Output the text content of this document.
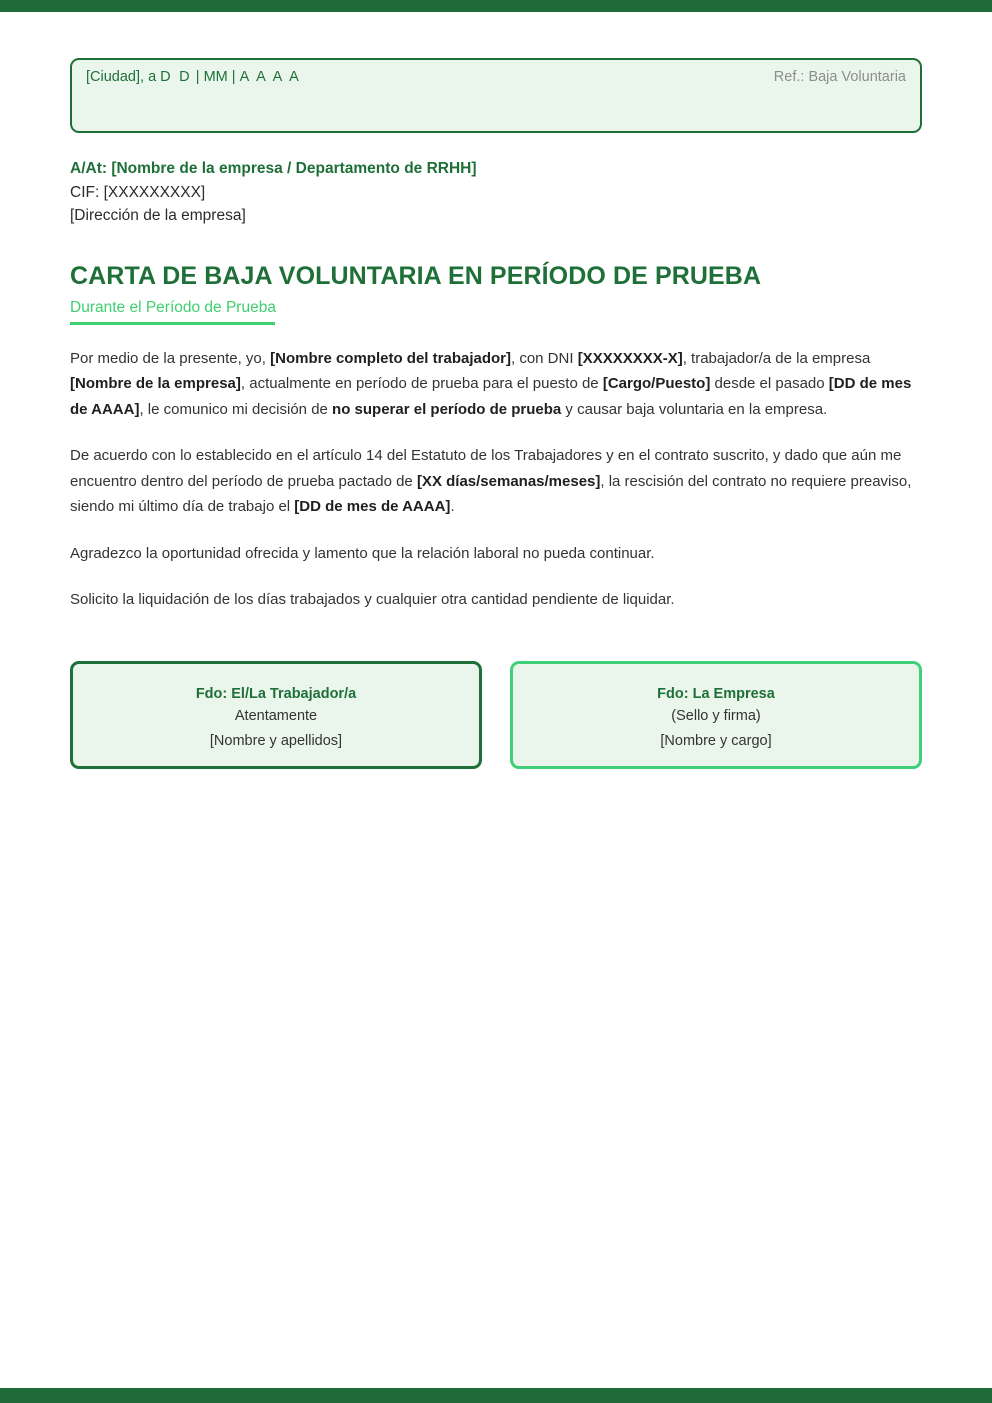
[Ciudad], a D D | MM | A A A A	Ref.: Baja Voluntaria
A/At: [Nombre de la empresa / Departamento de RRHH]
CIF: [XXXXXXXXX]
[Dirección de la empresa]
CARTA DE BAJA VOLUNTARIA EN PERÍODO DE PRUEBA
Durante el Período de Prueba
Por medio de la presente, yo, [Nombre completo del trabajador], con DNI [XXXXXXXX-X], trabajador/a de la empresa [Nombre de la empresa], actualmente en período de prueba para el puesto de [Cargo/Puesto] desde el pasado [DD de mes de AAAA], le comunico mi decisión de no superar el período de prueba y causar baja voluntaria en la empresa.
De acuerdo con lo establecido en el artículo 14 del Estatuto de los Trabajadores y en el contrato suscrito, y dado que aún me encuentro dentro del período de prueba pactado de [XX días/semanas/meses], la rescisión del contrato no requiere preaviso, siendo mi último día de trabajo el [DD de mes de AAAA].
Agradezco la oportunidad ofrecida y lamento que la relación laboral no pueda continuar.
Solicito la liquidación de los días trabajados y cualquier otra cantidad pendiente de liquidar.
Fdo: El/La Trabajador/a
Atentamente
[Nombre y apellidos]
Fdo: La Empresa
(Sello y firma)
[Nombre y cargo]
